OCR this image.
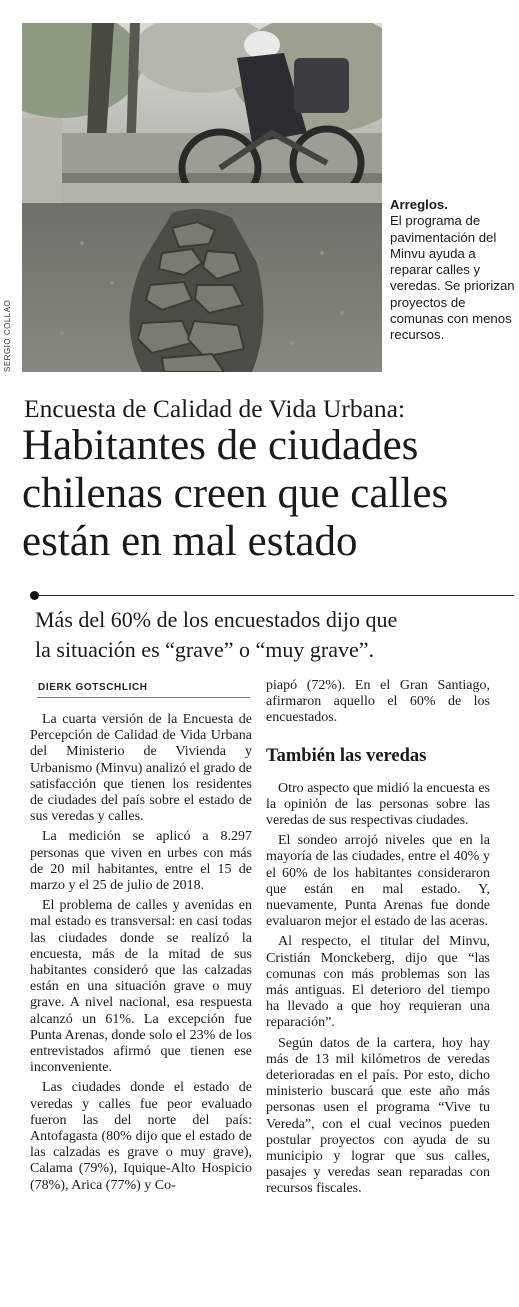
SERGIO COLLAO
Arreglos.
El programa de pavimentación del Minvu ayuda a reparar calles y veredas. Se priorizan proyectos de comunas con menos recursos.
Encuesta de Calidad de Vida Urbana:
Habitantes de ciudades
chilenas creen que calles
están en mal estado
Más del 60% de los encuestados dijo que
la situación es “grave” o “muy grave”.
DIERK GOTSCHLICH

La cuarta versión de la Encuesta de Percepción de Calidad de Vida Urbana del Ministerio de Vivienda y Urbanismo (Minvu) analizó el grado de satisfacción que tienen los residentes de ciudades del país sobre el estado de sus veredas y calles.

La medición se aplicó a 8.297 personas que viven en urbes con más de 20 mil habitantes, entre el 15 de marzo y el 25 de julio de 2018.

El problema de calles y avenidas en mal estado es transversal: en casi todas las ciudades donde se realizó la encuesta, más de la mitad de sus habitantes consideró que las calzadas están en una situación grave o muy grave. A nivel nacional, esa respuesta alcanzó un 61%. La excepción fue Punta Arenas, donde solo el 23% de los entrevistados afirmó que tienen ese inconveniente.

Las ciudades donde el estado de veredas y calles fue peor evaluado fueron las del norte del país: Antofagasta (80% dijo que el estado de las calzadas es grave o muy grave), Calama (79%), Iquique-Alto Hospicio (78%), Arica (77%) y Co-

piapó (72%). En el Gran Santiago, afirmaron aquello el 60% de los encuestados.

También las veredas

Otro aspecto que midió la encuesta es la opinión de las personas sobre las veredas de sus respectivas ciudades.

El sondeo arrojó niveles que en la mayoría de las ciudades, entre el 40% y el 60% de los habitantes consideraron que están en mal estado. Y, nuevamente, Punta Arenas fue donde evaluaron mejor el estado de las aceras.

Al respecto, el titular del Minvu, Cristián Monckeberg, dijo que “las comunas con más problemas son las más antiguas. El deterioro del tiempo ha llevado a que hoy requieran una reparación”.

Según datos de la cartera, hoy hay más de 13 mil kilómetros de veredas deterioradas en el país. Por esto, dicho ministerio buscará que este año más personas usen el programa “Vive tu Vereda”, con el cual vecinos pueden postular proyectos con ayuda de su municipio y lograr que sus calles, pasajes y veredas sean reparadas con recursos fiscales.
